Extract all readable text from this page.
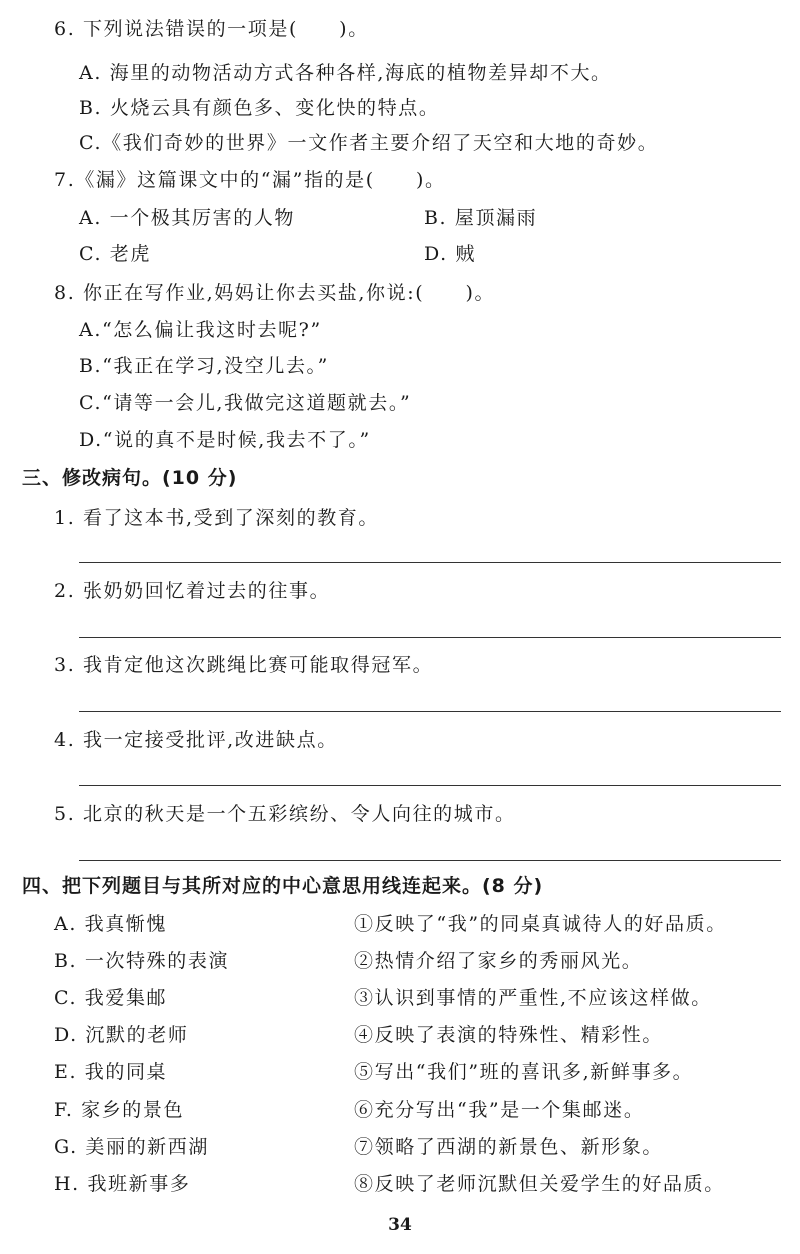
6. 下列说法错误的一项是(　　)。
A. 海里的动物活动方式各种各样,海底的植物差异却不大。
B. 火烧云具有颜色多、变化快的特点。
C.《我们奇妙的世界》一文作者主要介绍了天空和大地的奇妙。
7.《漏》这篇课文中的“漏”指的是(　　)。
A. 一个极其厉害的人物	B. 屋顶漏雨
C. 老虎	D. 贼
8. 你正在写作业,妈妈让你去买盐,你说:(　　)。
A.“怎么偏让我这时去呢?”
B.“我正在学习,没空儿去。”
C.“请等一会儿,我做完这道题就去。”
D.“说的真不是时候,我去不了。”
三、修改病句。(10 分)
1. 看了这本书,受到了深刻的教育。
2. 张奶奶回忆着过去的往事。
3. 我肯定他这次跳绳比赛可能取得冠军。
4. 我一定接受批评,改进缺点。
5. 北京的秋天是一个五彩缤纷、令人向往的城市。
四、把下列题目与其所对应的中心意思用线连起来。(8 分)
A. 我真惭愧	①反映了“我”的同桌真诚待人的好品质。
B. 一次特殊的表演	②热情介绍了家乡的秀丽风光。
C. 我爱集邮	③认识到事情的严重性,不应该这样做。
D. 沉默的老师	④反映了表演的特殊性、精彩性。
E. 我的同桌	⑤写出“我们”班的喜讯多,新鲜事多。
F. 家乡的景色	⑥充分写出“我”是一个集邮迷。
G. 美丽的新西湖	⑦领略了西湖的新景色、新形象。
H. 我班新事多	⑧反映了老师沉默但关爱学生的好品质。
34
